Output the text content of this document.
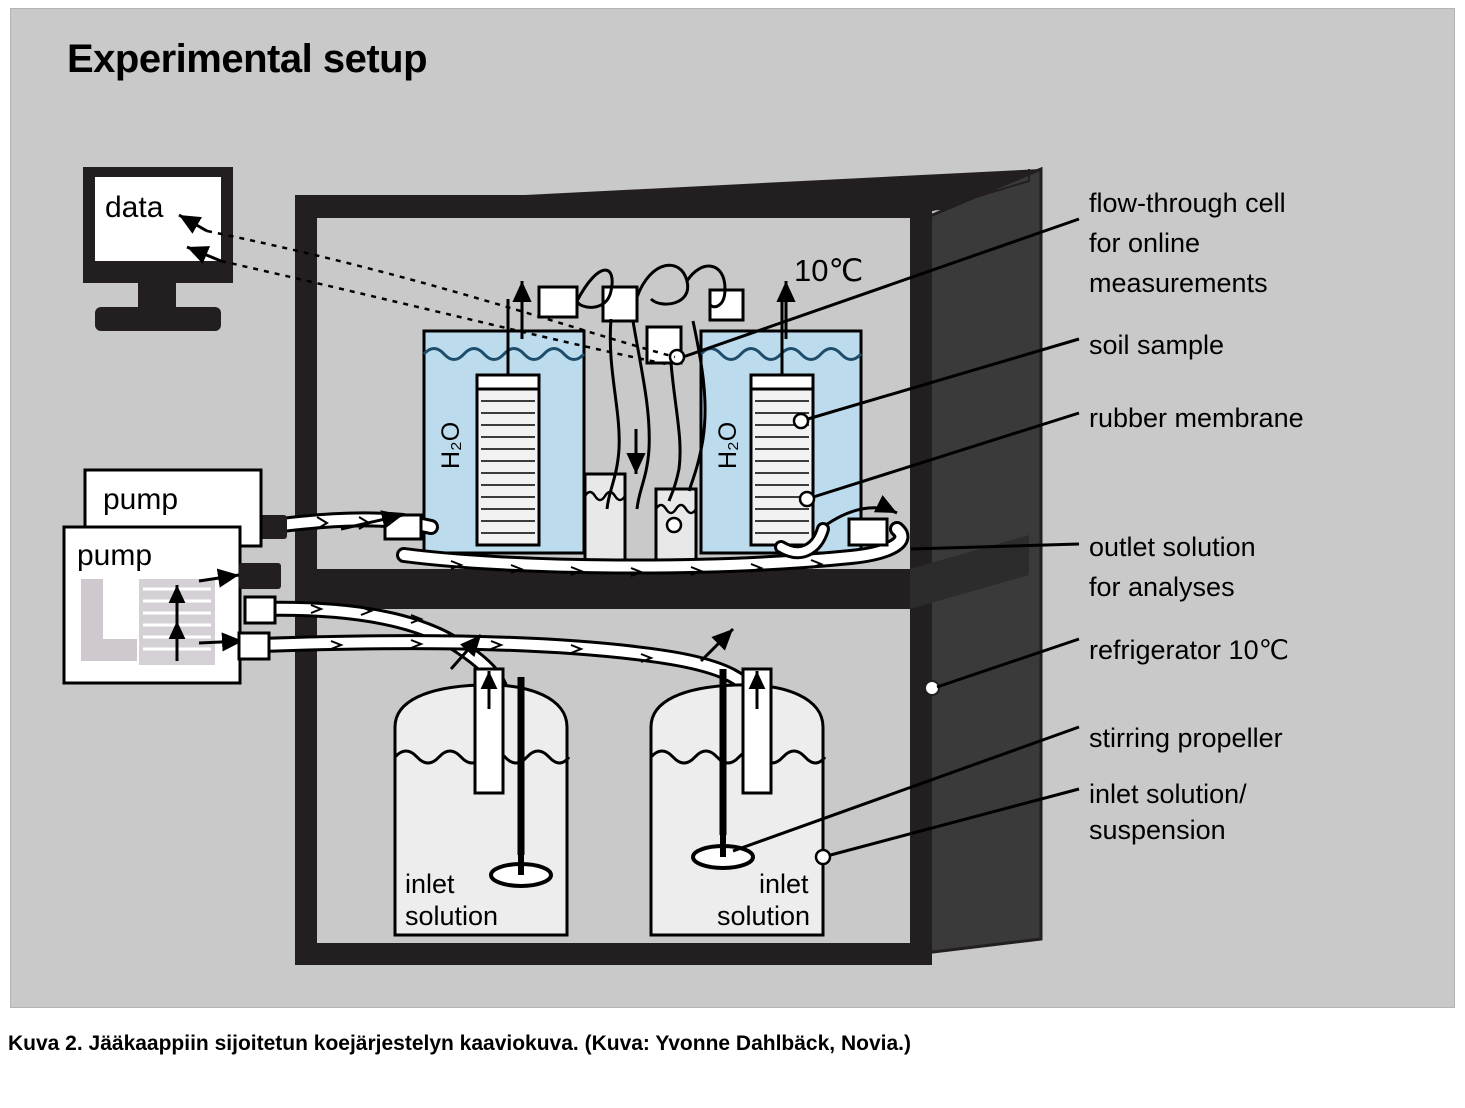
Experimental setup
H₂O	H₂O
10℃
pump
pump
inlet
solution
inlet
solution
data	flow-through cell
for online
measurements
soil sample
rubber membrane
outlet solution
for analyses
refrigerator 10℃
stirring propeller
inlet solution/
suspension
Kuva 2. Jääkaappiin sijoitetun koejärjestelyn kaaviokuva. (Kuva: Yvonne Dahlbäck, Novia.)
